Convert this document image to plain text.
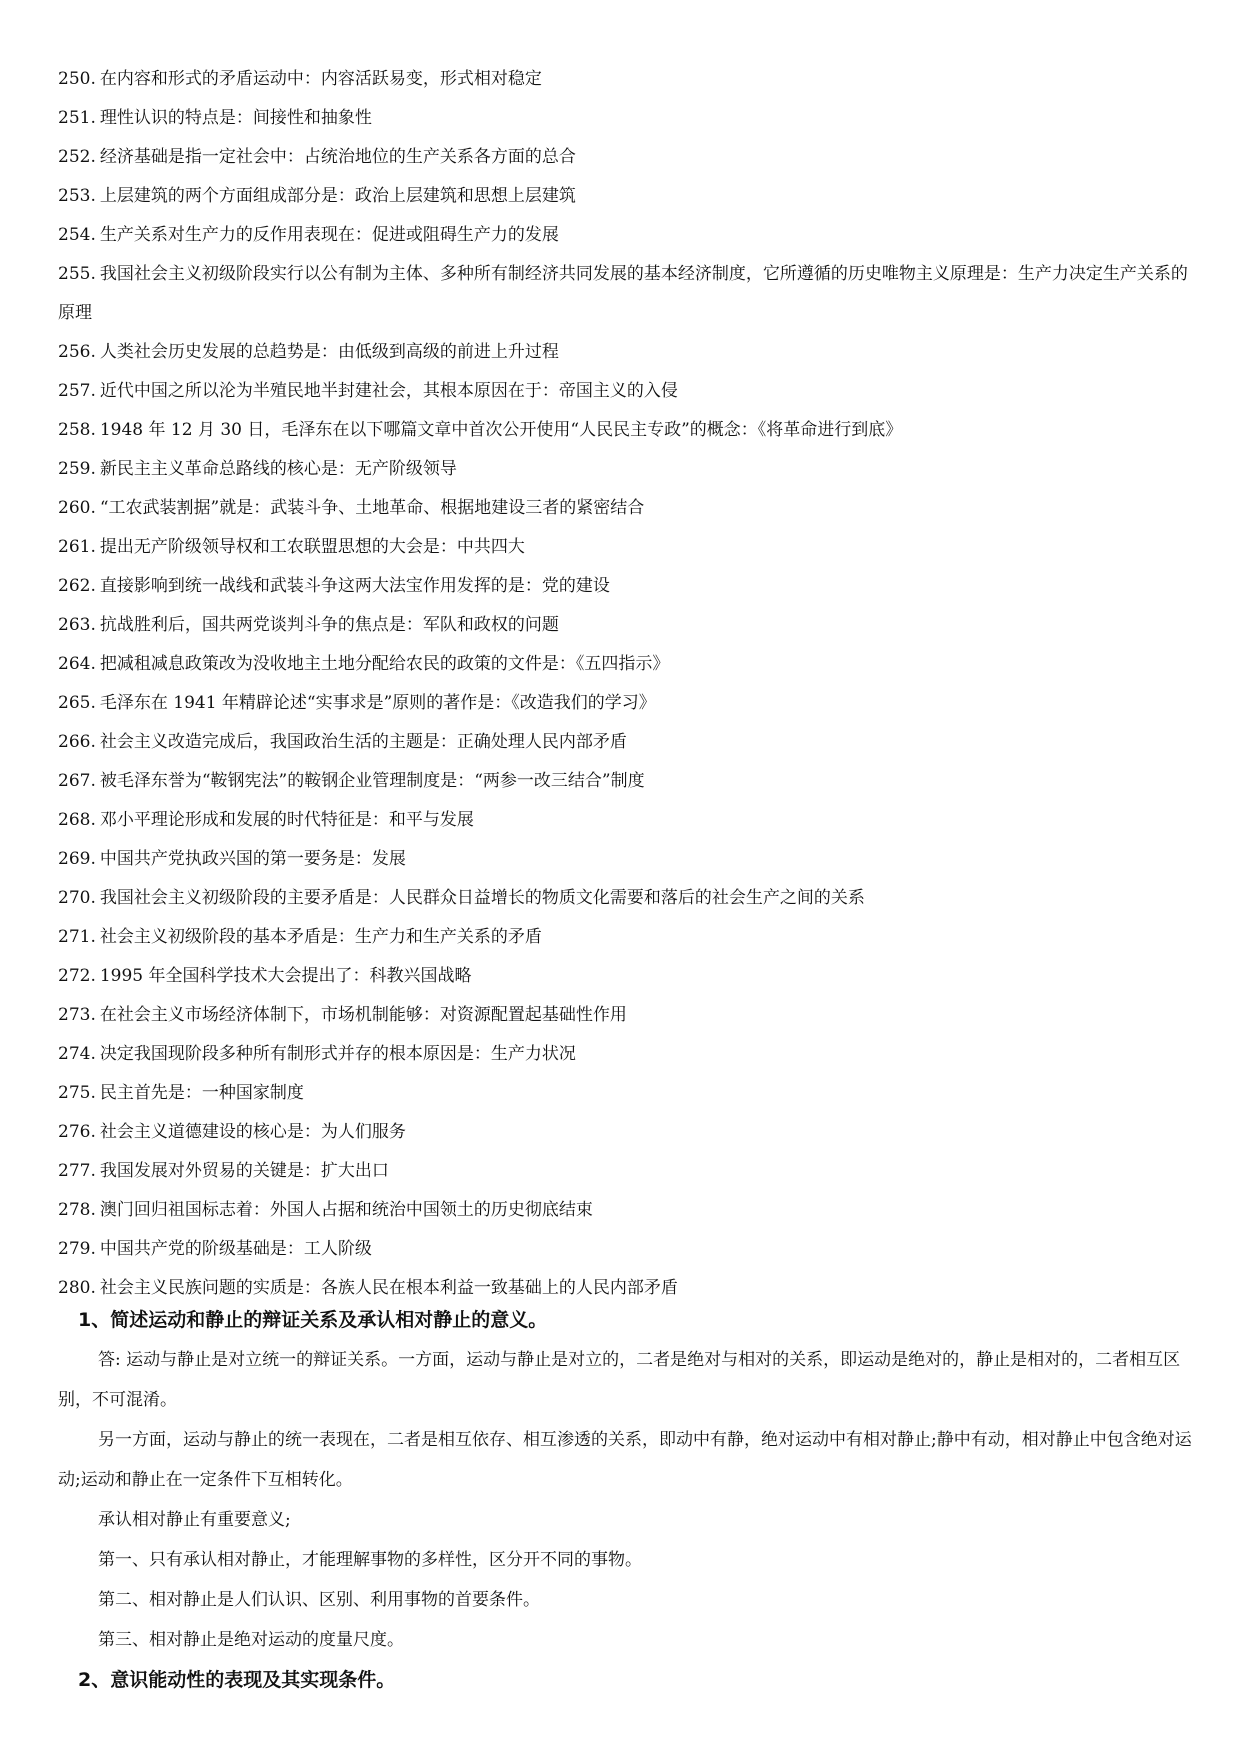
250. 在内容和形式的矛盾运动中：内容活跃易变，形式相对稳定
251. 理性认识的特点是：间接性和抽象性
252. 经济基础是指一定社会中：占统治地位的生产关系各方面的总合
253. 上层建筑的两个方面组成部分是：政治上层建筑和思想上层建筑
254. 生产关系对生产力的反作用表现在：促进或阻碍生产力的发展
255. 我国社会主义初级阶段实行以公有制为主体、多种所有制经济共同发展的基本经济制度，它所遵循的历史唯物主义原理是：生产力决定生产关系的原理
256. 人类社会历史发展的总趋势是：由低级到高级的前进上升过程
257. 近代中国之所以沦为半殖民地半封建社会，其根本原因在于：帝国主义的入侵
258. 1948 年 12 月 30 日，毛泽东在以下哪篇文章中首次公开使用“人民民主专政”的概念：《将革命进行到底》
259. 新民主主义革命总路线的核心是：无产阶级领导
260. “工农武装割据”就是：武装斗争、土地革命、根据地建设三者的紧密结合
261. 提出无产阶级领导权和工农联盟思想的大会是：中共四大
262. 直接影响到统一战线和武装斗争这两大法宝作用发挥的是：党的建设
263. 抗战胜利后，国共两党谈判斗争的焦点是：军队和政权的问题
264. 把减租减息政策改为没收地主土地分配给农民的政策的文件是：《五四指示》
265. 毛泽东在 1941 年精辟论述“实事求是”原则的著作是：《改造我们的学习》
266. 社会主义改造完成后，我国政治生活的主题是：正确处理人民内部矛盾
267. 被毛泽东誉为“鞍钢宪法”的鞍钢企业管理制度是：“两参一改三结合”制度
268. 邓小平理论形成和发展的时代特征是：和平与发展
269. 中国共产党执政兴国的第一要务是：发展
270. 我国社会主义初级阶段的主要矛盾是：人民群众日益增长的物质文化需要和落后的社会生产之间的关系
271. 社会主义初级阶段的基本矛盾是：生产力和生产关系的矛盾
272. 1995 年全国科学技术大会提出了：科教兴国战略
273. 在社会主义市场经济体制下，市场机制能够：对资源配置起基础性作用
274. 决定我国现阶段多种所有制形式并存的根本原因是：生产力状况
275. 民主首先是：一种国家制度
276. 社会主义道德建设的核心是：为人们服务
277. 我国发展对外贸易的关键是：扩大出口
278. 澳门回归祖国标志着：外国人占据和统治中国领土的历史彻底结束
279. 中国共产党的阶级基础是：工人阶级
280. 社会主义民族问题的实质是：各族人民在根本利益一致基础上的人民内部矛盾
1、简述运动和静止的辩证关系及承认相对静止的意义。

答: 运动与静止是对立统一的辩证关系。一方面，运动与静止是对立的，二者是绝对与相对的关系，即运动是绝对的，静止是相对的，二者相互区别，不可混淆。

另一方面，运动与静止的统一表现在，二者是相互依存、相互渗透的关系，即动中有静，绝对运动中有相对静止;静中有动，相对静止中包含绝对运动;运动和静止在一定条件下互相转化。

承认相对静止有重要意义;

第一、只有承认相对静止，才能理解事物的多样性，区分开不同的事物。

第二、相对静止是人们认识、区别、利用事物的首要条件。

第三、相对静止是绝对运动的度量尺度。

2、意识能动性的表现及其实现条件。
